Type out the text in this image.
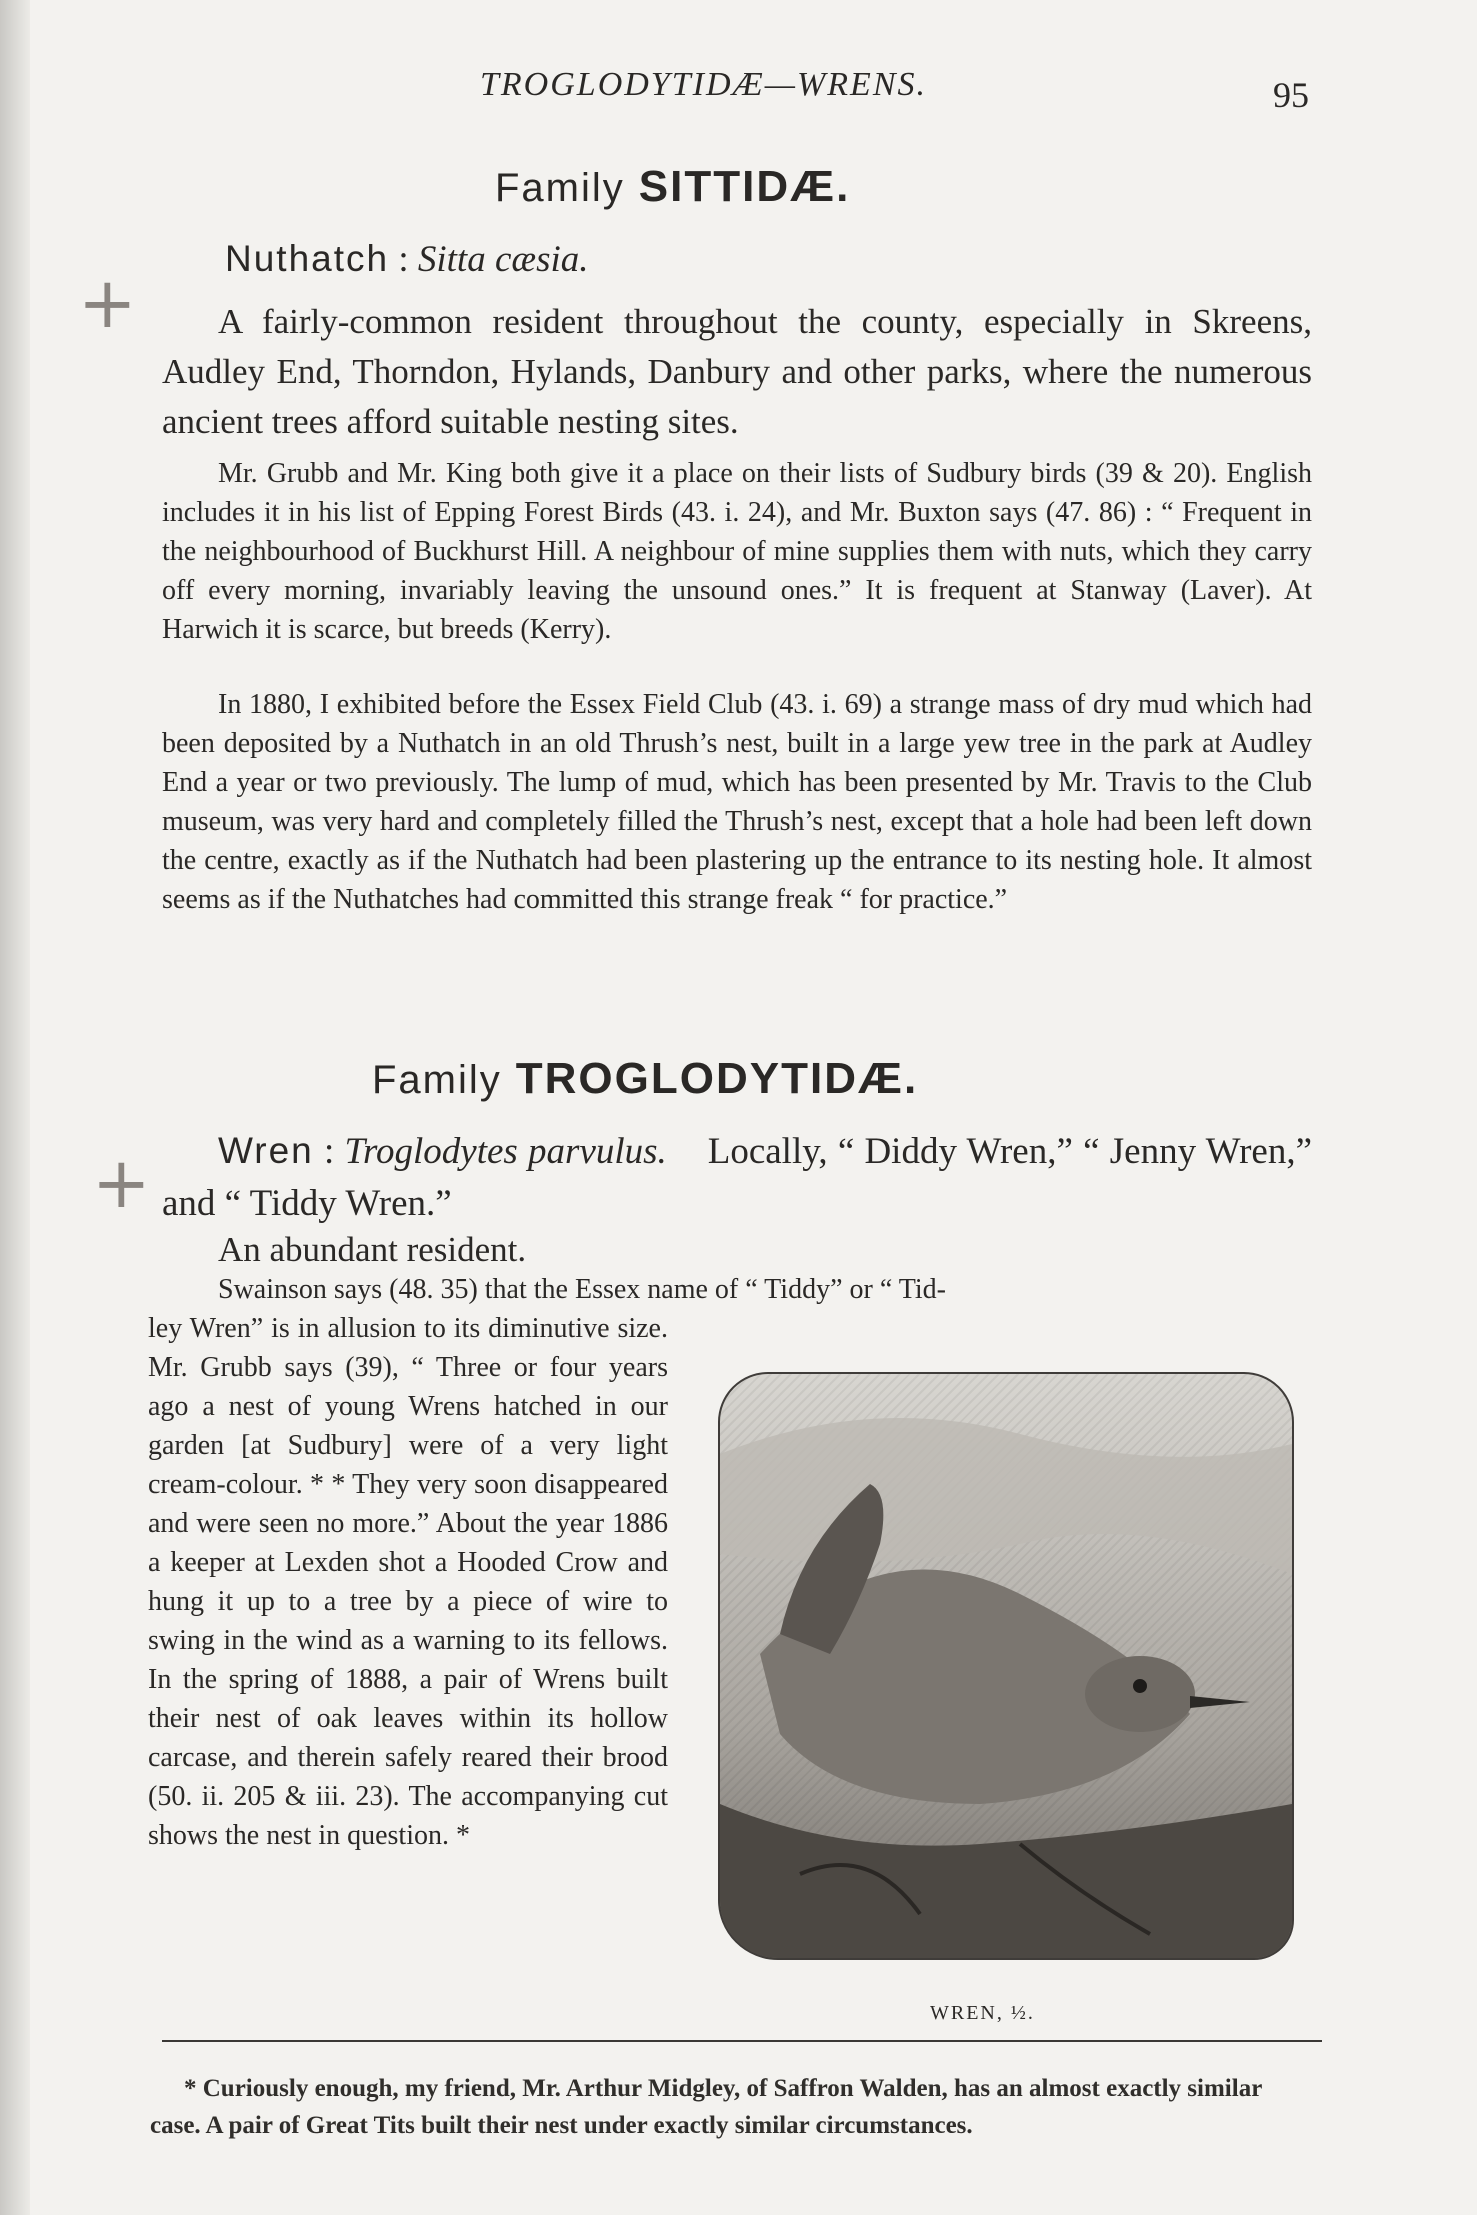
TROGLODYTIDÆ—WRENS.	95
Family SITTIDÆ.
+
Nuthatch : Sitta cæsia.

A fairly-common resident throughout the county, especially in Skreens, Audley End, Thorndon, Hylands, Danbury and other parks, where the numerous ancient trees afford suitable nesting sites.

Mr. Grubb and Mr. King both give it a place on their lists of Sudbury birds (39 & 20). English includes it in his list of Epping Forest Birds (43. i. 24), and Mr. Buxton says (47. 86) : “ Frequent in the neighbourhood of Buckhurst Hill. A neighbour of mine supplies them with nuts, which they carry off every morning, invariably leaving the unsound ones.” It is frequent at Stanway (Laver). At Harwich it is scarce, but breeds (Kerry).

In 1880, I exhibited before the Essex Field Club (43. i. 69) a strange mass of dry mud which had been deposited by a Nuthatch in an old Thrush’s nest, built in a large yew tree in the park at Audley End a year or two previously. The lump of mud, which has been presented by Mr. Travis to the Club museum, was very hard and completely filled the Thrush’s nest, except that a hole had been left down the centre, exactly as if the Nuthatch had been plastering up the entrance to its nesting hole. It almost seems as if the Nuthatches had committed this strange freak “ for practice.”

Family TROGLODYTIDÆ.
+	Wren : Troglodytes parvulus. Locally, “ Diddy Wren,” “ Jenny Wren,” and “ Tiddy Wren.”

An abundant resident.

Swainson says (48. 35) that the Essex name of “ Tiddy” or “ Tid-

ley Wren” is in allusion to its diminutive size. Mr. Grubb says (39), “ Three or four years ago a nest of young Wrens hatched in our garden [at Sudbury] were of a very light cream-colour. * * They very soon disappeared and were seen no more.” About the year 1886 a keeper at Lexden shot a Hooded Crow and hung it up to a tree by a piece of wire to swing in the wind as a warning to its fellows. In the spring of 1888, a pair of Wrens built their nest of oak leaves within its hollow carcase, and therein safely reared their brood (50. ii. 205 & iii. 23). The accompanying cut shows the nest in question. *

WREN, ½.

* Curiously enough, my friend, Mr. Arthur Midgley, of Saffron Walden, has an almost exactly similar case. A pair of Great Tits built their nest under exactly similar circumstances.
